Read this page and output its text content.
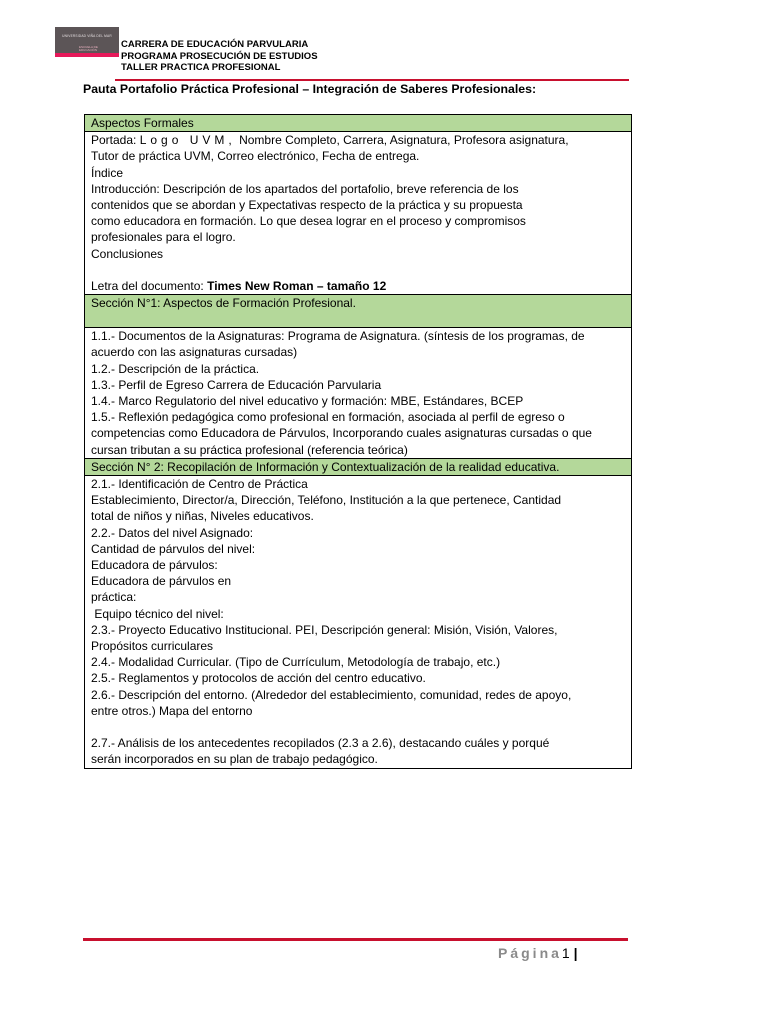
UNIVERSIDAD VIÑA DEL MAR
ESCUELA DE
EDUCACIÓN
CARRERA DE EDUCACIÓN PARVULARIA
PROGRAMA PROSECUCIÓN DE ESTUDIOS
TALLER PRACTICA PROFESIONAL
Pauta Portafolio Práctica Profesional – Integración de Saberes Profesionales:
Aspectos Formales

Portada: Logo UVM, Nombre Completo, Carrera, Asignatura, Profesora asignatura,

Tutor de práctica UVM, Correo electrónico, Fecha de entrega.

Índice

Introducción: Descripción de los apartados del portafolio, breve referencia de los

contenidos que se abordan y Expectativas respecto de la práctica y su propuesta

como educadora en formación. Lo que desea lograr en el proceso y compromisos

profesionales para el logro.

Conclusiones

Letra del documento: Times New Roman – tamaño 12

Sección N°1: Aspectos de Formación Profesional.

1.1.- Documentos de la Asignaturas: Programa de Asignatura. (síntesis de los programas, de

acuerdo con las asignaturas cursadas)

1.2.- Descripción de la práctica.

1.3.- Perfil de Egreso Carrera de Educación Parvularia

1.4.- Marco Regulatorio del nivel educativo y formación: MBE, Estándares, BCEP

1.5.- Reflexión pedagógica como profesional en formación, asociada al perfil de egreso o

competencias como Educadora de Párvulos, Incorporando cuales asignaturas cursadas o que

cursan tributan a su práctica profesional (referencia teórica)

Sección N° 2: Recopilación de Información y Contextualización de la realidad educativa.

2.1.- Identificación de Centro de Práctica

Establecimiento, Director/a, Dirección, Teléfono, Institución a la que pertenece, Cantidad

total de niños y niñas, Niveles educativos.

2.2.- Datos del nivel Asignado:

Cantidad de párvulos del nivel:

Educadora de párvulos:

Educadora de párvulos en

práctica:

Equipo técnico del nivel:

2.3.- Proyecto Educativo Institucional. PEI, Descripción general: Misión, Visión, Valores,

Propósitos curriculares

2.4.- Modalidad Curricular. (Tipo de Currículum, Metodología de trabajo, etc.)

2.5.- Reglamentos y protocolos de acción del centro educativo.

2.6.- Descripción del entorno. (Alrededor del establecimiento, comunidad, redes de apoyo,

entre otros.) Mapa del entorno

2.7.- Análisis de los antecedentes recopilados (2.3 a 2.6), destacando cuáles y porqué

serán incorporados en su plan de trabajo pedagógico.

Página1 |
